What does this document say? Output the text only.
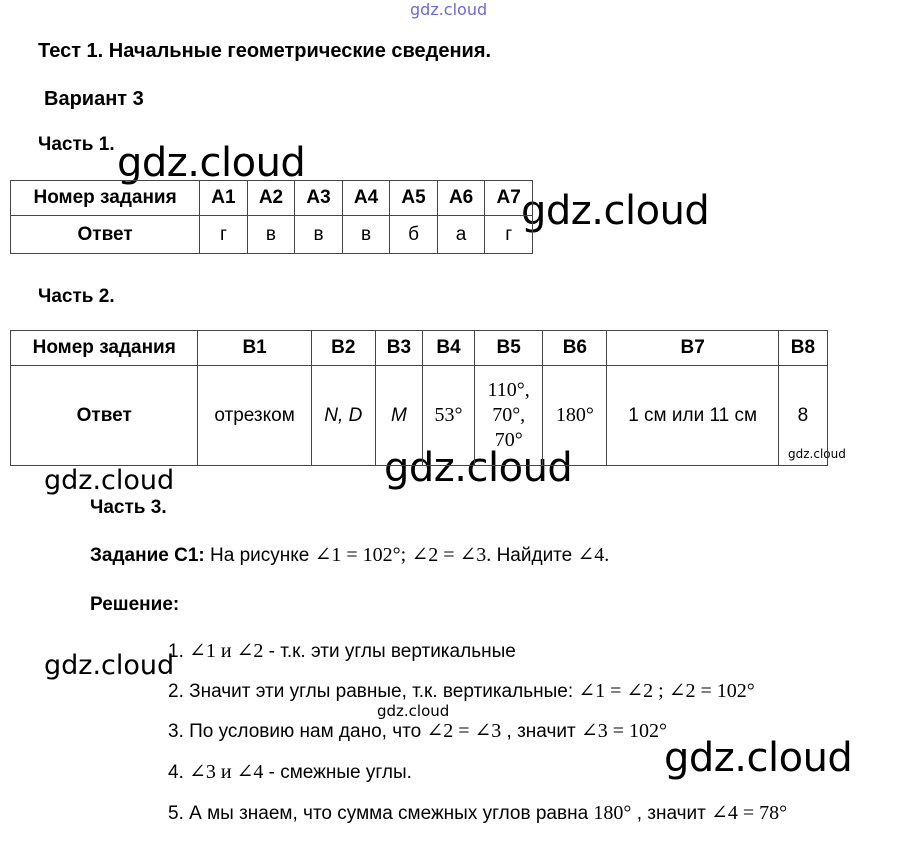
gdz.cloud
gdz.cloud
gdz.cloud
gdz.cloud
gdz.cloud
gdz.cloud
gdz.cloud
gdz.cloud
gdz.cloud
Тест 1. Начальные геометрические сведения.
Вариант 3
Часть 1.
Номер задания	A1	A2	A3	A4	A5	A6	A7
Ответ	г	в	в	в	б	а	г
Часть 2.
Номер задания	B1	B2	B3	B4	B5	B6	B7	B8
Ответ	отрезком	N, D	M	53°	110°, 70°, 70°	180°	1 см или 11 см	8
Часть 3.
Задание С1: На рисунке ∠1 = 102°; ∠2 = ∠3. Найдите ∠4.
Решение:
1. ∠1 и ∠2 - т.к. эти углы вертикальные
2. Значит эти углы равные, т.к. вертикальные: ∠1 = ∠2 ; ∠2 = 102°
3. По условию нам дано, что ∠2 = ∠3 , значит ∠3 = 102°
4. ∠3 и ∠4 - смежные углы.
5. А мы знаем, что сумма смежных углов равна 180° , значит ∠4 = 78°
